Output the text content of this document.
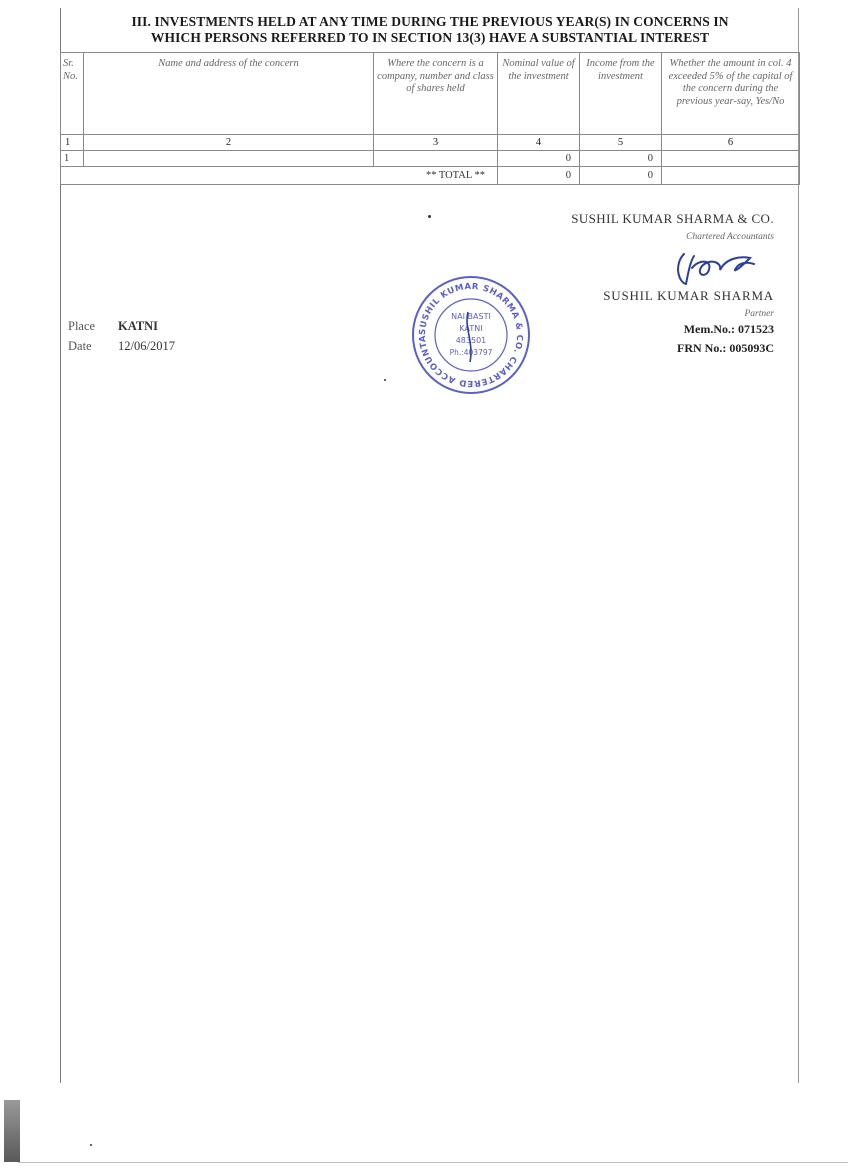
III. INVESTMENTS HELD AT ANY TIME DURING THE PREVIOUS YEAR(S) IN CONCERNS IN
WHICH PERSONS REFERRED TO IN SECTION 13(3) HAVE A SUBSTANTIAL INTEREST
Sr. No.	Name and address of the concern	Where the concern is a company, number and class of shares held	Nominal value of the investment	Income from the investment	Whether the amount in col. 4 exceeded 5% of the capital of the concern during the previous year-say, Yes/No
1	2	3	4	5	6
1			0	0	
		** TOTAL **	0	0	
SUSHIL KUMAR SHARMA & CO.
Chartered Accountants
SUSHIL KUMAR SHARMA
Partner
Mem.No.: 071523
FRN No.: 005093C
Place KATNI
Date 12/06/2017
SUSHIL KUMAR SHARMA & CO. CHARTERED ACCOUNTA
NAI BASTI
KATNI
483501
Ph.:403797
